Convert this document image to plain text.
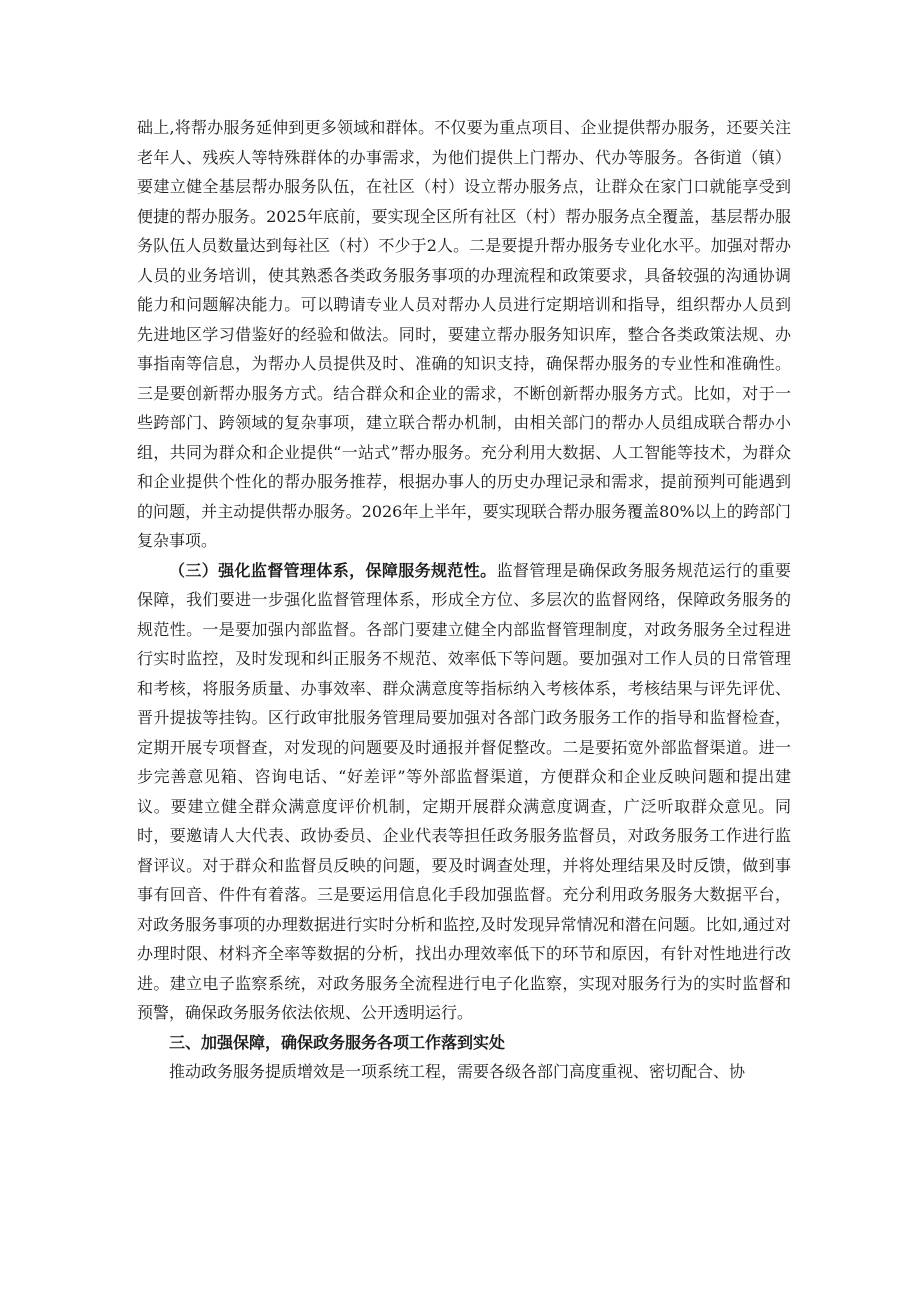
础上,将帮办服务延伸到更多领域和群体。不仅要为重点项目、企业提供帮办服务，还要关注老年人、残疾人等特殊群体的办事需求，为他们提供上门帮办、代办等服务。各街道（镇）要建立健全基层帮办服务队伍，在社区（村）设立帮办服务点，让群众在家门口就能享受到便捷的帮办服务。2025年底前，要实现全区所有社区（村）帮办服务点全覆盖，基层帮办服务队伍人员数量达到每社区（村）不少于2人。二是要提升帮办服务专业化水平。加强对帮办人员的业务培训，使其熟悉各类政务服务事项的办理流程和政策要求，具备较强的沟通协调能力和问题解决能力。可以聘请专业人员对帮办人员进行定期培训和指导，组织帮办人员到先进地区学习借鉴好的经验和做法。同时，要建立帮办服务知识库，整合各类政策法规、办事指南等信息，为帮办人员提供及时、准确的知识支持，确保帮办服务的专业性和准确性。三是要创新帮办服务方式。结合群众和企业的需求，不断创新帮办服务方式。比如，对于一些跨部门、跨领域的复杂事项，建立联合帮办机制，由相关部门的帮办人员组成联合帮办小组，共同为群众和企业提供“一站式”帮办服务。充分利用大数据、人工智能等技术，为群众和企业提供个性化的帮办服务推荐，根据办事人的历史办理记录和需求，提前预判可能遇到的问题，并主动提供帮办服务。2026年上半年，要实现联合帮办服务覆盖80%以上的跨部门复杂事项。

（三）强化监督管理体系，保障服务规范性。监督管理是确保政务服务规范运行的重要保障，我们要进一步强化监督管理体系，形成全方位、多层次的监督网络，保障政务服务的规范性。一是要加强内部监督。各部门要建立健全内部监督管理制度，对政务服务全过程进行实时监控，及时发现和纠正服务不规范、效率低下等问题。要加强对工作人员的日常管理和考核，将服务质量、办事效率、群众满意度等指标纳入考核体系，考核结果与评先评优、晋升提拔等挂钩。区行政审批服务管理局要加强对各部门政务服务工作的指导和监督检查，定期开展专项督查，对发现的问题要及时通报并督促整改。二是要拓宽外部监督渠道。进一步完善意见箱、咨询电话、“好差评”等外部监督渠道，方便群众和企业反映问题和提出建议。要建立健全群众满意度评价机制，定期开展群众满意度调查，广泛听取群众意见。同时，要邀请人大代表、政协委员、企业代表等担任政务服务监督员，对政务服务工作进行监督评议。对于群众和监督员反映的问题，要及时调查处理，并将处理结果及时反馈，做到事事有回音、件件有着落。三是要运用信息化手段加强监督。充分利用政务服务大数据平台，对政务服务事项的办理数据进行实时分析和监控,及时发现异常情况和潜在问题。比如,通过对办理时限、材料齐全率等数据的分析，找出办理效率低下的环节和原因，有针对性地进行改进。建立电子监察系统，对政务服务全流程进行电子化监察，实现对服务行为的实时监督和预警，确保政务服务依法依规、公开透明运行。

三、加强保障，确保政务服务各项工作落到实处

推动政务服务提质增效是一项系统工程，需要各级各部门高度重视、密切配合、协
